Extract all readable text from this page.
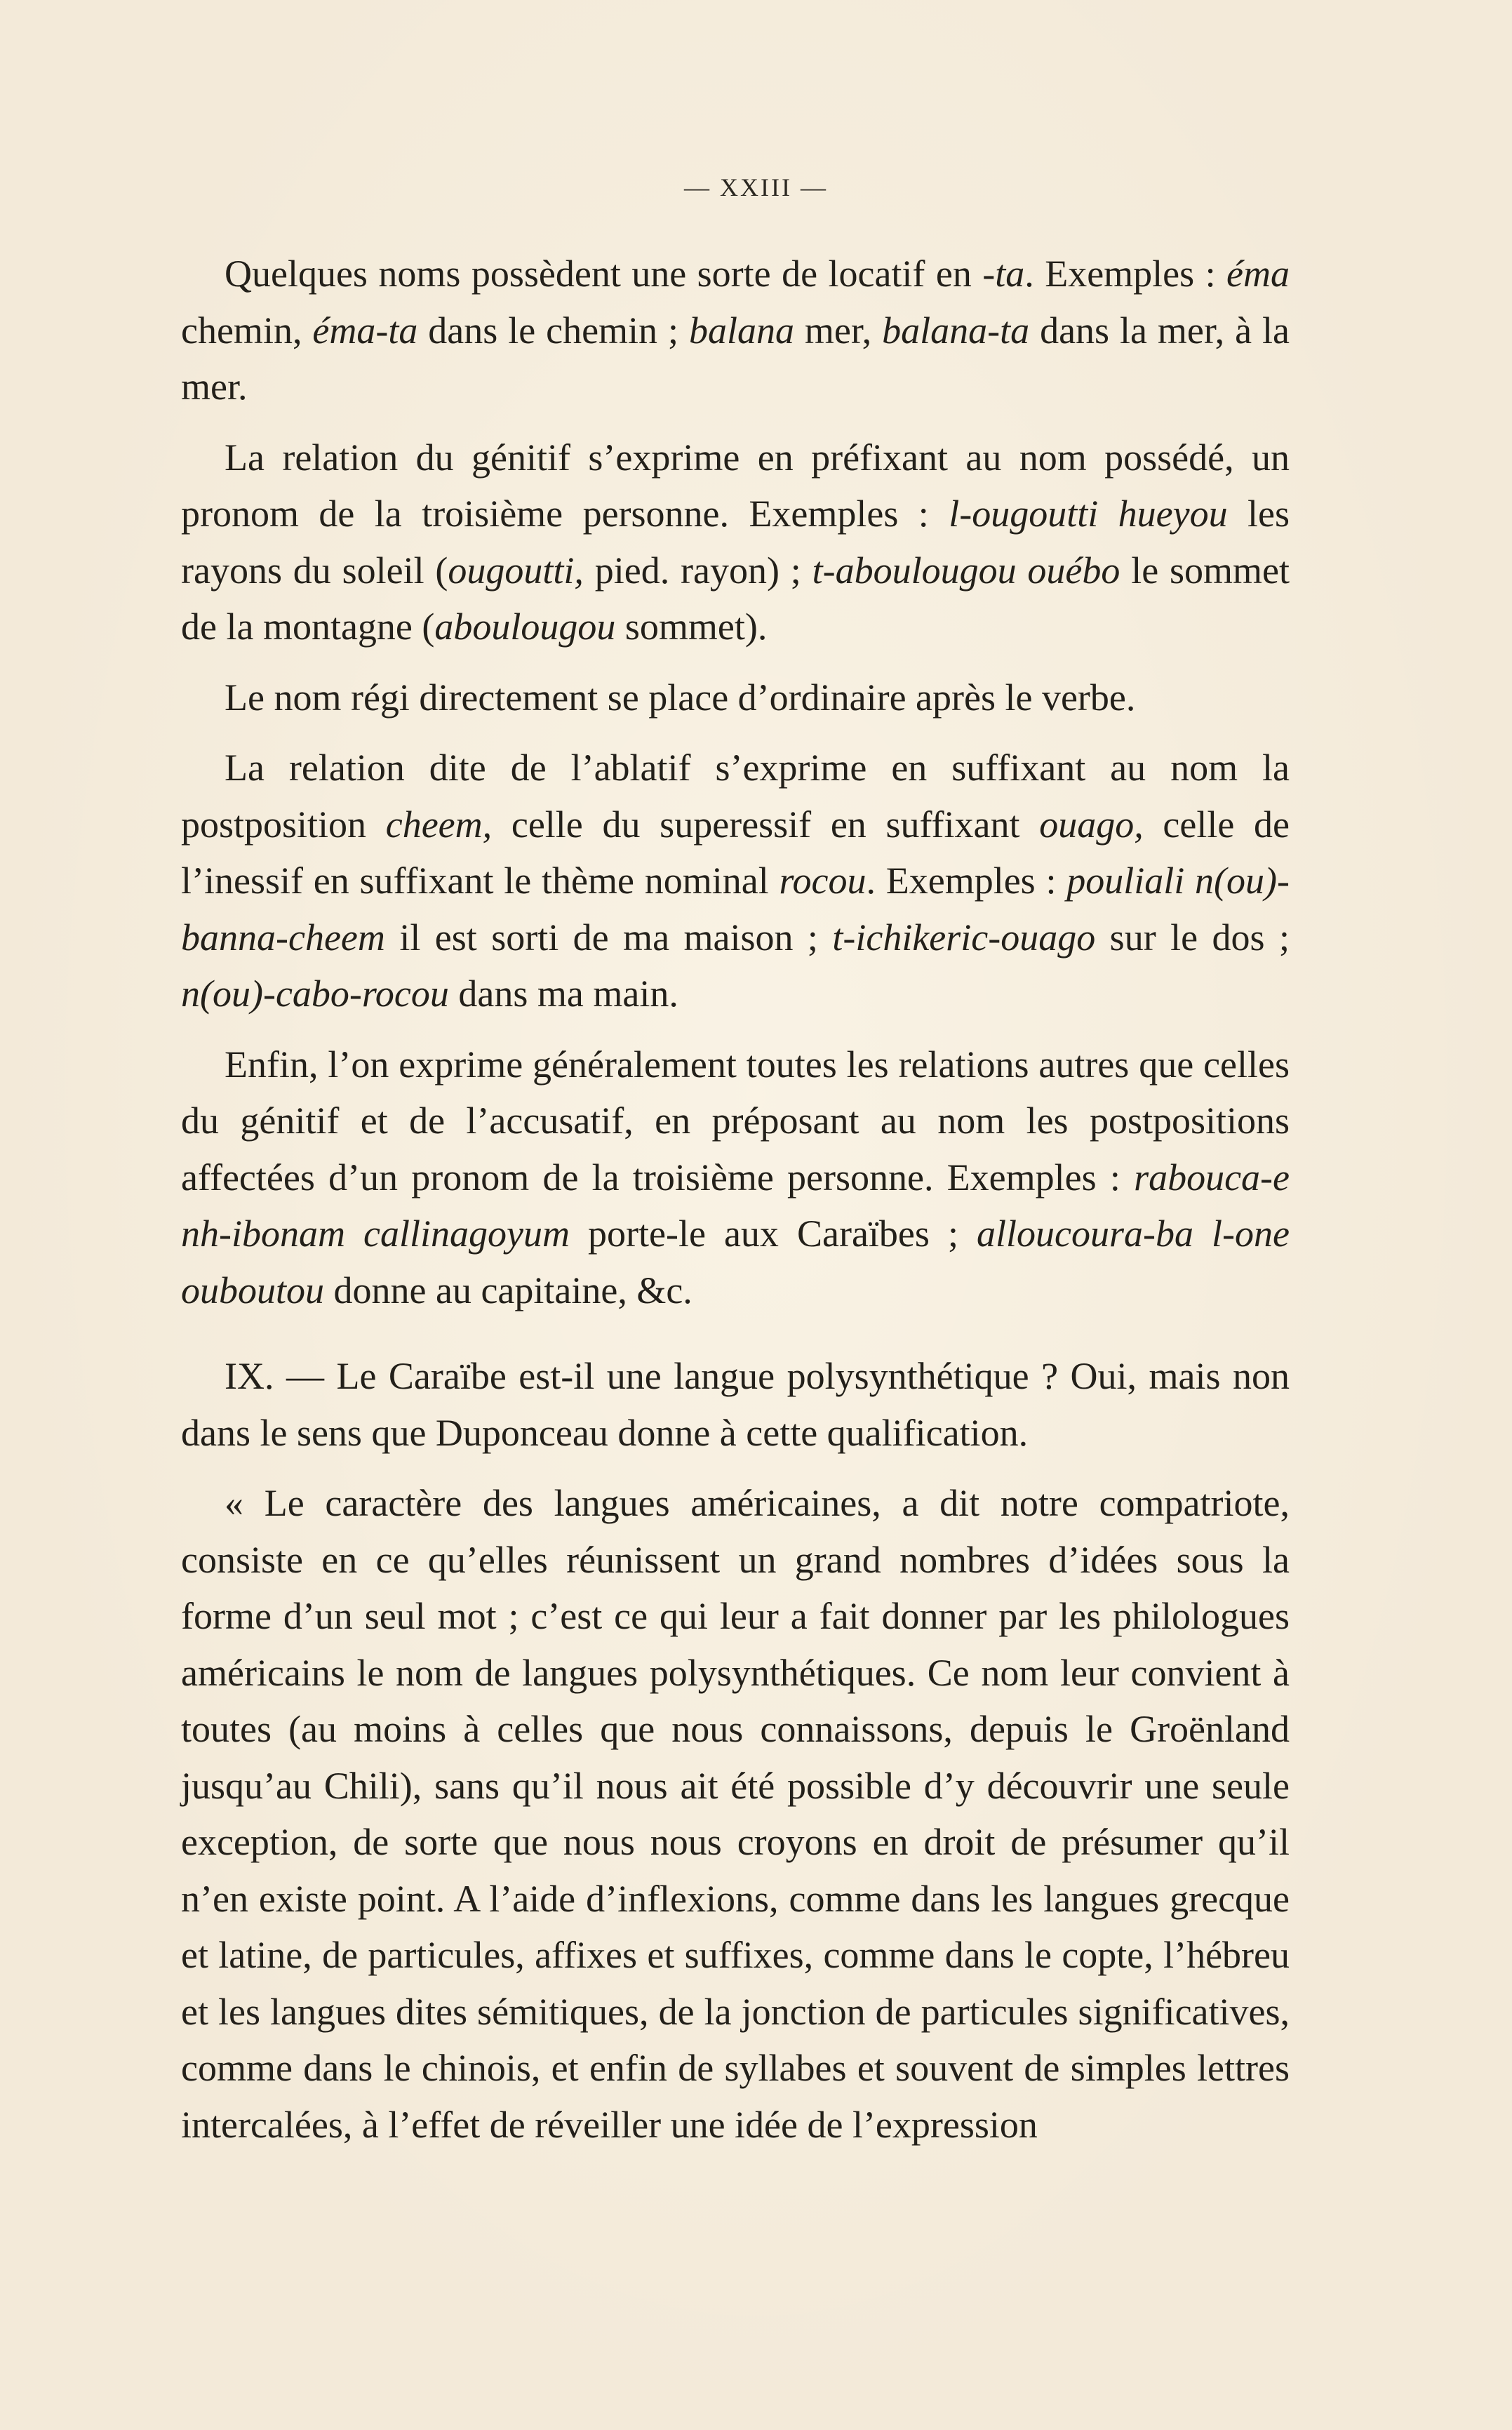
— XXIII —

Quelques noms possèdent une sorte de locatif en -ta. Exemples : éma chemin, éma-ta dans le chemin ; balana mer, balana-ta dans la mer, à la mer.

La relation du génitif s’exprime en préfixant au nom possédé, un pronom de la troisième personne. Exemples : l-ougoutti hueyou les rayons du soleil (ougoutti, pied. rayon) ; t-aboulougou ouébo le sommet de la montagne (aboulougou sommet).

Le nom régi directement se place d’ordinaire après le verbe.

La relation dite de l’ablatif s’exprime en suffixant au nom la postposition cheem, celle du superessif en suffixant ouago, celle de l’inessif en suffixant le thème nominal rocou. Exemples : pouliali n(ou)-banna-cheem il est sorti de ma maison ; t-ichikeric-ouago sur le dos ; n(ou)-cabo-rocou dans ma main.

Enfin, l’on exprime généralement toutes les relations autres que celles du génitif et de l’accusatif, en préposant au nom les postpositions affectées d’un pronom de la troisième personne. Exemples : rabouca-e nh-ibonam callinagoyum porte-le aux Caraïbes ; alloucoura-ba l-one ouboutou donne au capitaine, &c.

IX. — Le Caraïbe est-il une langue polysynthétique ? Oui, mais non dans le sens que Duponceau donne à cette qualification.

« Le caractère des langues américaines, a dit notre compatriote, consiste en ce qu’elles réunissent un grand nombres d’idées sous la forme d’un seul mot ; c’est ce qui leur a fait donner par les philologues américains le nom de langues polysynthétiques. Ce nom leur convient à toutes (au moins à celles que nous connaissons, depuis le Groënland jusqu’au Chili), sans qu’il nous ait été possible d’y découvrir une seule exception, de sorte que nous nous croyons en droit de présumer qu’il n’en existe point. A l’aide d’inflexions, comme dans les langues grecque et latine, de particules, affixes et suffixes, comme dans le copte, l’hébreu et les langues dites sémitiques, de la jonction de particules significatives, comme dans le chinois, et enfin de syllabes et souvent de simples lettres intercalées, à l’effet de réveiller une idée de l’expression
